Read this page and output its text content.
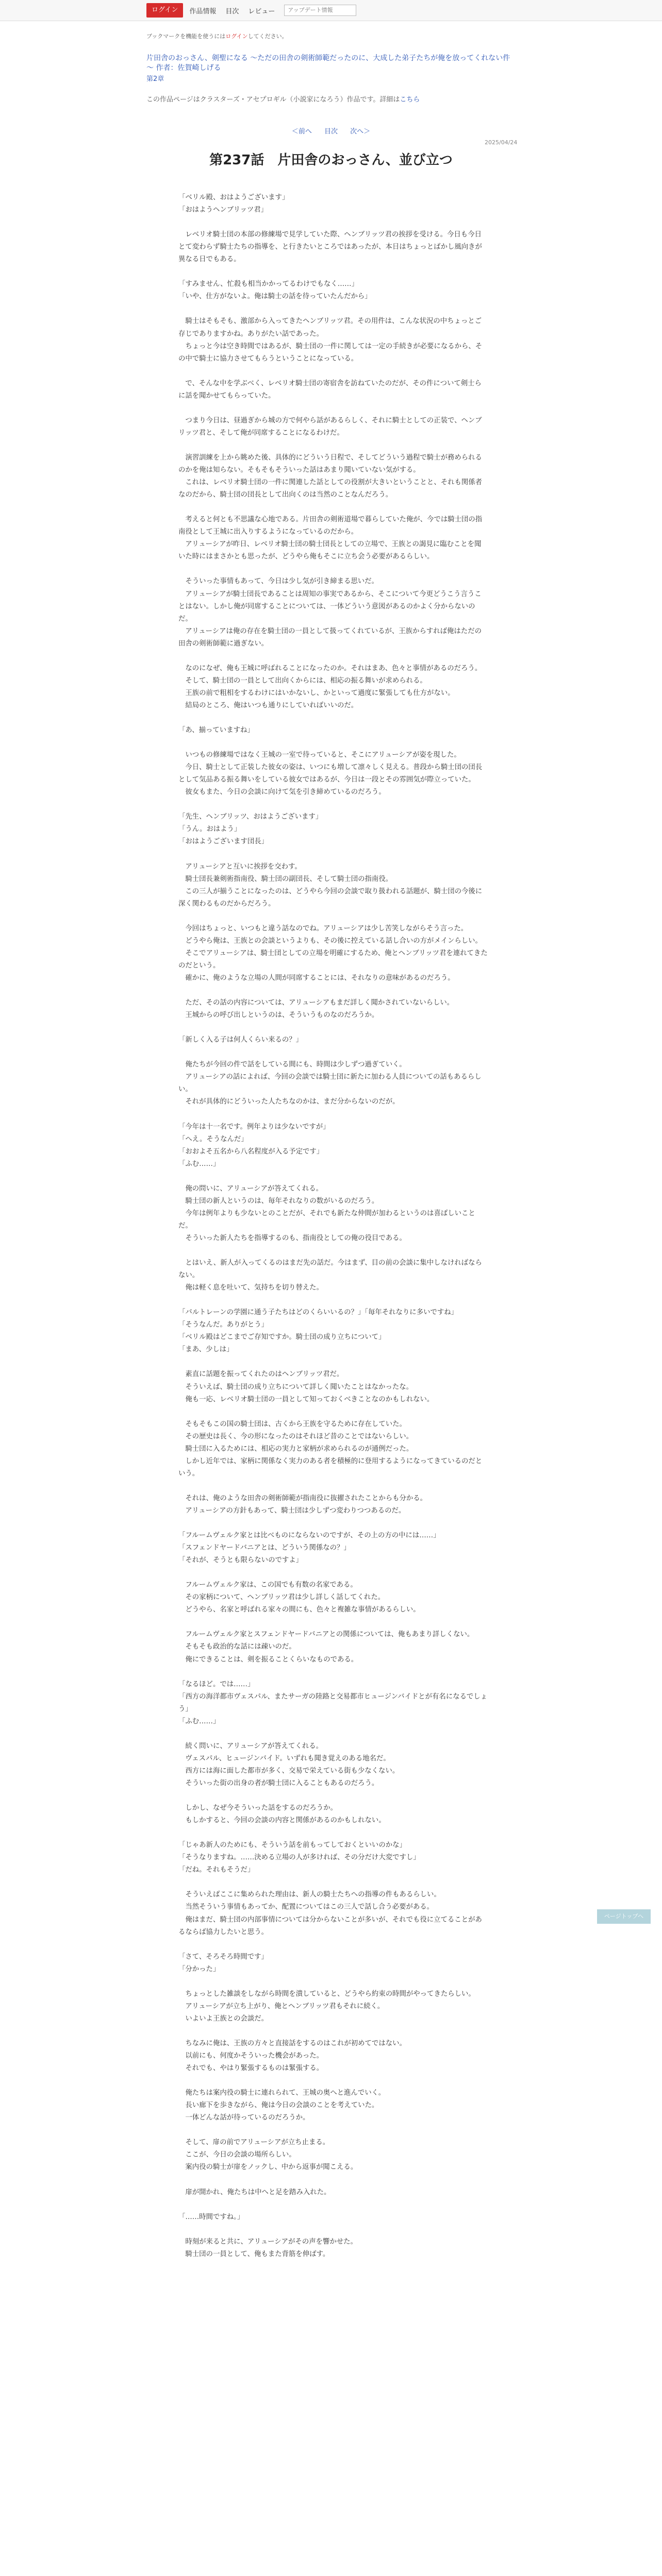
ログイン	作品情報 目次 レビュー
アップデート情報
ブックマークを機能を使うにはログインしてください。
片田舎のおっさん、剣聖になる ～ただの田舎の剣術師範だったのに、大成した弟子たちが俺を放ってくれない件～ 作者：佐賀崎しげる
第2章
この作品ページはクラスターズ・アセプロギル（小説家になろう）作品です。詳細はこちら
＜前へ 目次 次へ＞
2025/04/24
第237話　片田舎のおっさん、並び立つ
「ベリル殿、おはようございます」
「おはようヘンブリッツ君」

　レベリオ騎士団の本部の修練場で見学していた際、ヘンブリッツ君の挨拶を受ける。今日も今日とて変わらず騎士たちの指導を、と行きたいところではあったが、本日はちょっとばかし風向きが異なる日でもある。

「すみません、忙殺も相当かかってるわけでもなく……」
「いや、仕方がないよ。俺は騎士の話を待っていたんだから」

　騎士はそもそも、激部から入ってきたヘンブリッツ君。その用件は、こんな状況の中ちょっとご存じでありますかね。ありがたい話であった。
　ちょっと今は空き時間ではあるが、騎士団の一件に関しては一定の手続きが必要になるから、その中で騎士に協力させてもらうということになっている。

　で、そんな中を学ぶべく、レベリオ騎士団の寄宿舎を訪ねていたのだが、その件について剣士らに話を聞かせてもらっていた。

　つまり今日は、昼過ぎから城の方で何やら話があるらしく、それに騎士としての正装で、ヘンブリッツ君と、そして俺が同席することになるわけだ。

　演習訓練を上から眺めた後、具体的にどういう日程で、そしてどういう過程で騎士が務められるのかを俺は知らない。そもそもそういった話はあまり聞いていない気がする。
　これは、レベリオ騎士団の一件に関連した話としての役割が大きいということと、それも関係者なのだから、騎士団の団長として出向くのは当然のことなんだろう。

　考えると何とも不思議な心地である。片田舎の剣術道場で暮らしていた俺が、今では騎士団の指南役として王城に出入りするようになっているのだから。
　アリューシアが昨日、レベリオ騎士団の騎士団長としての立場で、王族との謁見に臨むことを聞いた時にはまさかとも思ったが、どうやら俺もそこに立ち会う必要があるらしい。

　そういった事情もあって、今日は少し気が引き締まる思いだ。
　アリューシアが騎士団長であることは周知の事実であるから、そこについて今更どうこう言うことはない。しかし俺が同席することについては、一体どういう意図があるのかよく分からないのだ。
　アリューシアは俺の存在を騎士団の一員として扱ってくれているが、王族からすれば俺はただの田舎の剣術師範に過ぎない。

　なのになぜ、俺も王城に呼ばれることになったのか。それはまあ、色々と事情があるのだろう。
　そして、騎士団の一員として出向くからには、相応の振る舞いが求められる。
　王族の前で粗相をするわけにはいかないし、かといって過度に緊張しても仕方がない。
　結局のところ、俺はいつも通りにしていればいいのだ。

「あ、揃っていますね」

　いつもの修練場ではなく王城の一室で待っていると、そこにアリューシアが姿を現した。
　今日、騎士として正装した彼女の姿は、いつにも増して凛々しく見える。普段から騎士団の団長として気品ある振る舞いをしている彼女ではあるが、今日は一段とその雰囲気が際立っていた。
　彼女もまた、今日の会談に向けて気を引き締めているのだろう。

「先生、ヘンブリッツ、おはようございます」
「うん。おはよう」
「おはようございます団長」

　アリューシアと互いに挨拶を交わす。
　騎士団長兼剣術指南役、騎士団の副団長、そして騎士団の指南役。
　この三人が揃うことになったのは、どうやら今回の会談で取り扱われる話題が、騎士団の今後に深く関わるものだからだろう。

　今回はちょっと、いつもと違う話なのでね。アリューシアは少し苦笑しながらそう言った。
　どうやら俺は、王族との会談というよりも、その後に控えている話し合いの方がメインらしい。
　そこでアリューシアは、騎士団としての立場を明確にするため、俺とヘンブリッツ君を連れてきたのだという。
　確かに、俺のような立場の人間が同席することには、それなりの意味があるのだろう。

　ただ、その話の内容については、アリューシアもまだ詳しく聞かされていないらしい。
　王城からの呼び出しというのは、そういうものなのだろうか。

「新しく入る子は何人くらい来るの？」

　俺たちが今回の件で話をしている間にも、時間は少しずつ過ぎていく。
　アリューシアの話によれば、今回の会談では騎士団に新たに加わる人員についての話もあるらしい。
　それが具体的にどういった人たちなのかは、まだ分からないのだが。

「今年は十一名です。例年よりは少ないですが」
「へえ。そうなんだ」
「おおよそ五名から八名程度が入る予定です」
「ふむ……」

　俺の問いに、アリューシアが答えてくれる。
　騎士団の新人というのは、毎年それなりの数がいるのだろう。
　今年は例年よりも少ないとのことだが、それでも新たな仲間が加わるというのは喜ばしいことだ。
　そういった新人たちを指導するのも、指南役としての俺の役目である。

　とはいえ、新人が入ってくるのはまだ先の話だ。今はまず、目の前の会談に集中しなければならない。
　俺は軽く息を吐いて、気持ちを切り替えた。

「バルトレーンの学園に通う子たちはどのくらいいるの？」「毎年それなりに多いですね」
「そうなんだ。ありがとう」
「ベリル殿はどこまでご存知ですか。騎士団の成り立ちについて」
「まあ、少しは」

　素直に話題を振ってくれたのはヘンブリッツ君だ。
　そういえば、騎士団の成り立ちについて詳しく聞いたことはなかったな。
　俺も一応、レベリオ騎士団の一員として知っておくべきことなのかもしれない。

　そもそもこの国の騎士団は、古くから王族を守るために存在していた。
　その歴史は長く、今の形になったのはそれほど昔のことではないらしい。
　騎士団に入るためには、相応の実力と家柄が求められるのが通例だった。
　しかし近年では、家柄に関係なく実力のある者を積極的に登用するようになってきているのだという。

　それは、俺のような田舎の剣術師範が指南役に抜擢されたことからも分かる。
　アリューシアの方針もあって、騎士団は少しずつ変わりつつあるのだ。

「フルームヴェルク家とは比べものにならないのですが、その上の方の中には……」
「スフェンドヤードバニアとは、どういう関係なの？」
「それが、そうとも限らないのですよ」

　フルームヴェルク家は、この国でも有数の名家である。
　その家柄について、ヘンブリッツ君は少し詳しく話してくれた。
　どうやら、名家と呼ばれる家々の間にも、色々と複雑な事情があるらしい。

　フルームヴェルク家とスフェンドヤードバニアとの関係については、俺もあまり詳しくない。
　そもそも政治的な話には疎いのだ。
　俺にできることは、剣を振ることくらいなものである。

「なるほど。では……」
「西方の海洋都市ヴェスパル、またサーガの陸路と交易都市ヒュージンバイドとが有名になるでしょう」
「ふむ……」

　続く問いに、アリューシアが答えてくれる。
　ヴェスパル、ヒュージンバイド。いずれも聞き覚えのある地名だ。
　西方には海に面した都市が多く、交易で栄えている街も少なくない。
　そういった街の出身の者が騎士団に入ることもあるのだろう。

　しかし、なぜ今そういった話をするのだろうか。
　もしかすると、今回の会談の内容と関係があるのかもしれない。

「じゃあ新人のためにも、そういう話を前もってしておくといいのかな」
「そうなりますね。……決める立場の人が多ければ、その分だけ大変ですし」
「だね。それもそうだ」

　そういえばここに集められた理由は、新人の騎士たちへの指導の件もあるらしい。
　当然そういう事情もあってか、配置についてはこの三人で話し合う必要がある。
　俺はまだ、騎士団の内部事情については分からないことが多いが、それでも役に立てることがあるならば協力したいと思う。

「さて、そろそろ時間です」
「分かった」

　ちょっとした雑談をしながら時間を潰していると、どうやら約束の時間がやってきたらしい。
　アリューシアが立ち上がり、俺とヘンブリッツ君もそれに続く。
　いよいよ王族との会談だ。

　ちなみに俺は、王族の方々と直接話をするのはこれが初めてではない。
　以前にも、何度かそういった機会があった。
　それでも、やはり緊張するものは緊張する。

　俺たちは案内役の騎士に連れられて、王城の奥へと進んでいく。
　長い廊下を歩きながら、俺は今日の会談のことを考えていた。
　一体どんな話が待っているのだろうか。

　そして、扉の前でアリューシアが立ち止まる。
　ここが、今日の会談の場所らしい。
　案内役の騎士が扉をノックし、中から返事が聞こえる。

　扉が開かれ、俺たちは中へと足を踏み入れた。

「……時間ですね。」

　時刻が来ると共に、アリューシアがその声を響かせた。
　騎士団の一員として、俺もまた背筋を伸ばす。
ページトップへ
